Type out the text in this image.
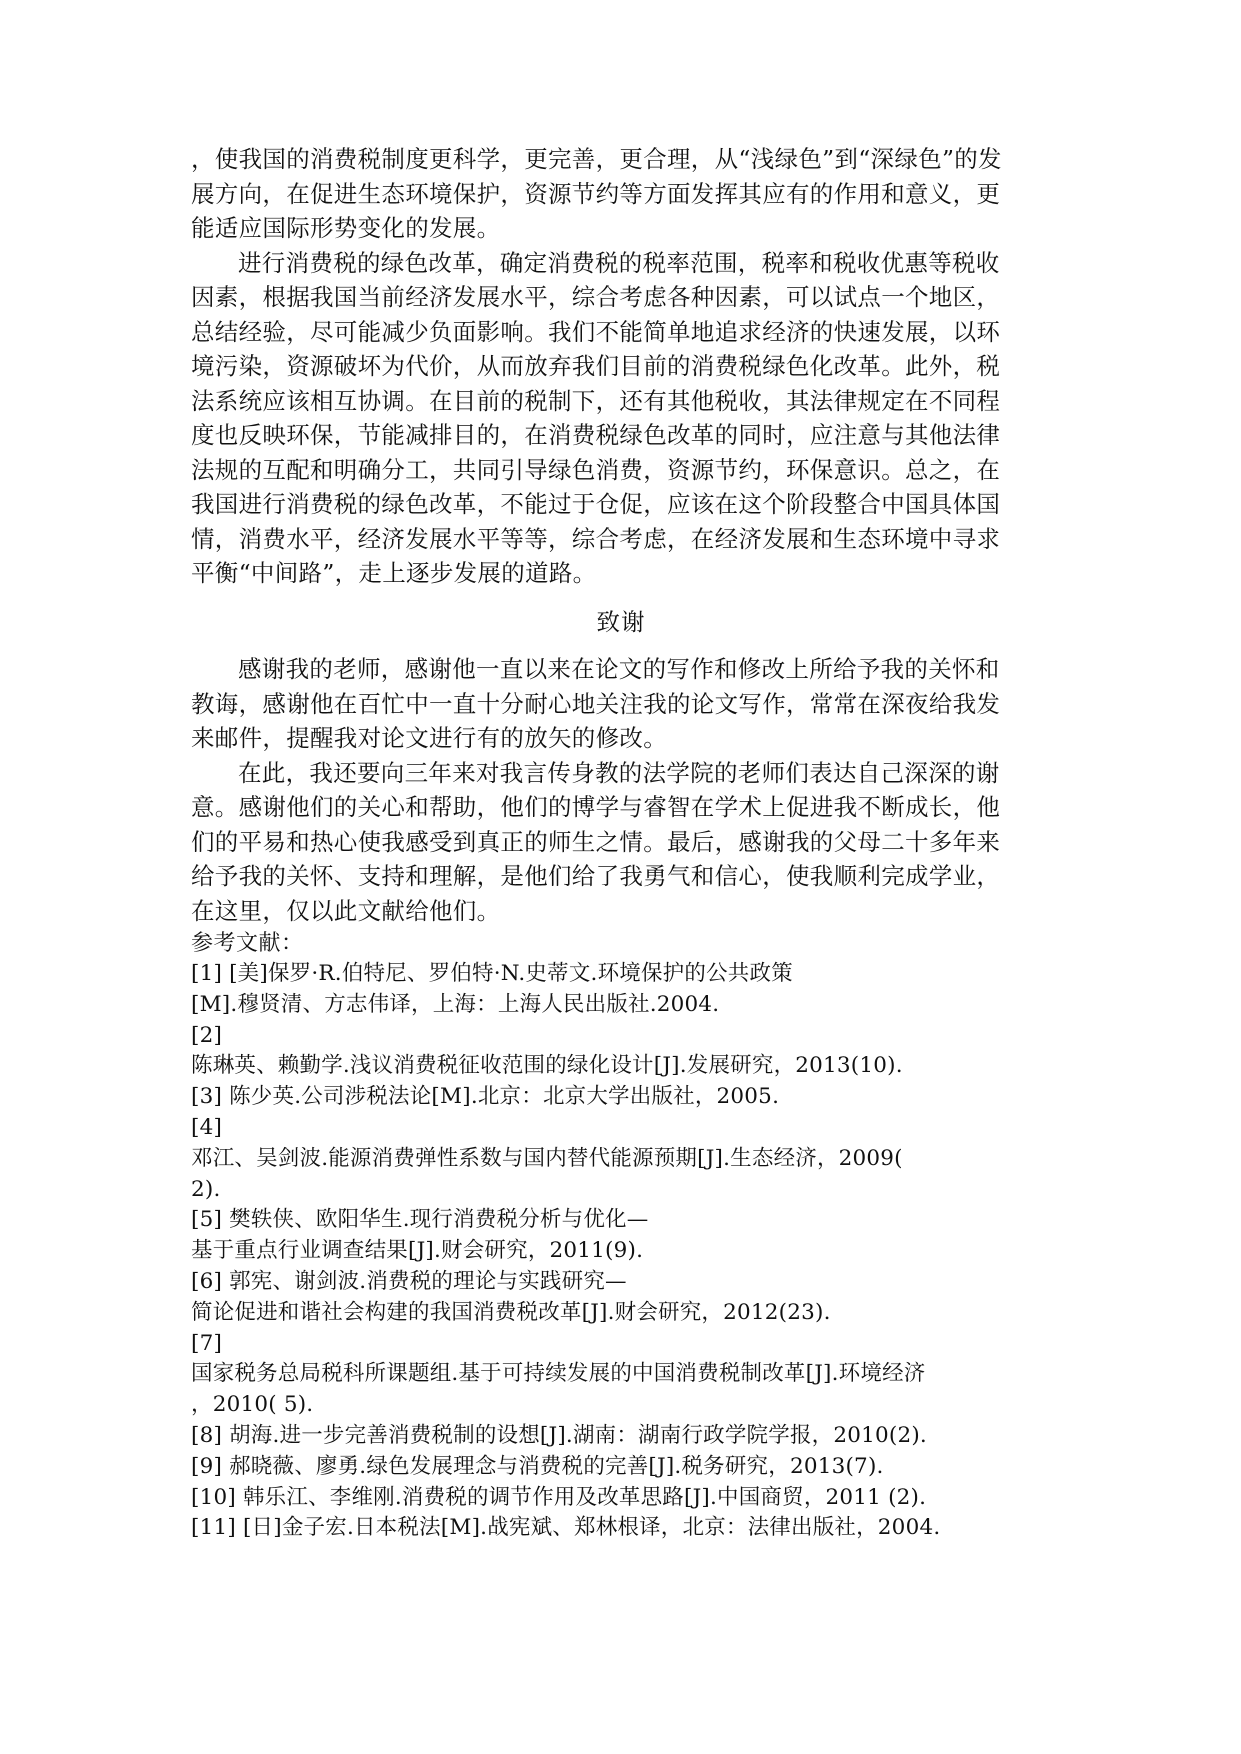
，使我国的消费税制度更科学，更完善，更合理，从“浅绿色”到“深绿色”的发
展方向，在促进生态环境保护，资源节约等方面发挥其应有的作用和意义，更
能适应国际形势变化的发展。
进行消费税的绿色改革，确定消费税的税率范围，税率和税收优惠等税收
因素，根据我国当前经济发展水平，综合考虑各种因素，可以试点一个地区，
总结经验，尽可能减少负面影响。我们不能简单地追求经济的快速发展，以环
境污染，资源破坏为代价，从而放弃我们目前的消费税绿色化改革。此外，税
法系统应该相互协调。在目前的税制下，还有其他税收，其法律规定在不同程
度也反映环保，节能减排目的，在消费税绿色改革的同时，应注意与其他法律
法规的互配和明确分工，共同引导绿色消费，资源节约，环保意识。总之，在
我国进行消费税的绿色改革，不能过于仓促，应该在这个阶段整合中国具体国
情，消费水平，经济发展水平等等，综合考虑，在经济发展和生态环境中寻求
平衡“中间路”，走上逐步发展的道路。
致谢
感谢我的老师，感谢他一直以来在论文的写作和修改上所给予我的关怀和
教诲，感谢他在百忙中一直十分耐心地关注我的论文写作，常常在深夜给我发
来邮件，提醒我对论文进行有的放矢的修改。
在此，我还要向三年来对我言传身教的法学院的老师们表达自己深深的谢
意。感谢他们的关心和帮助，他们的博学与睿智在学术上促进我不断成长，他
们的平易和热心使我感受到真正的师生之情。最后，感谢我的父母二十多年来
给予我的关怀、支持和理解，是他们给了我勇气和信心，使我顺利完成学业，
在这里，仅以此文献给他们。
参考文献：
[1] [美]保罗·R.伯特尼、罗伯特·N.史蒂文.环境保护的公共政策
[M].穆贤清、方志伟译，上海：上海人民出版社.2004.
[2]
陈琳英、赖勤学.浅议消费税征收范围的绿化设计[J].发展研究，2013(10).
[3] 陈少英.公司涉税法论[M].北京：北京大学出版社，2005.
[4]
邓江、吴剑波.能源消费弹性系数与国内替代能源预期[J].生态经济，2009(
2).
[5] 樊轶侠、欧阳华生.现行消费税分析与优化—
基于重点行业调查结果[J].财会研究，2011(9).
[6] 郭宪、谢剑波.消费税的理论与实践研究—
简论促进和谐社会构建的我国消费税改革[J].财会研究，2012(23).
[7]
国家税务总局税科所课题组.基于可持续发展的中国消费税制改革[J].环境经济
，2010( 5).
[8] 胡海.进一步完善消费税制的设想[J].湖南：湖南行政学院学报，2010(2).
[9] 郝晓薇、廖勇.绿色发展理念与消费税的完善[J].税务研究，2013(7).
[10] 韩乐江、李维刚.消费税的调节作用及改革思路[J].中国商贸，2011 (2).
[11] [日]金子宏.日本税法[M].战宪斌、郑林根译，北京：法律出版社，2004.
